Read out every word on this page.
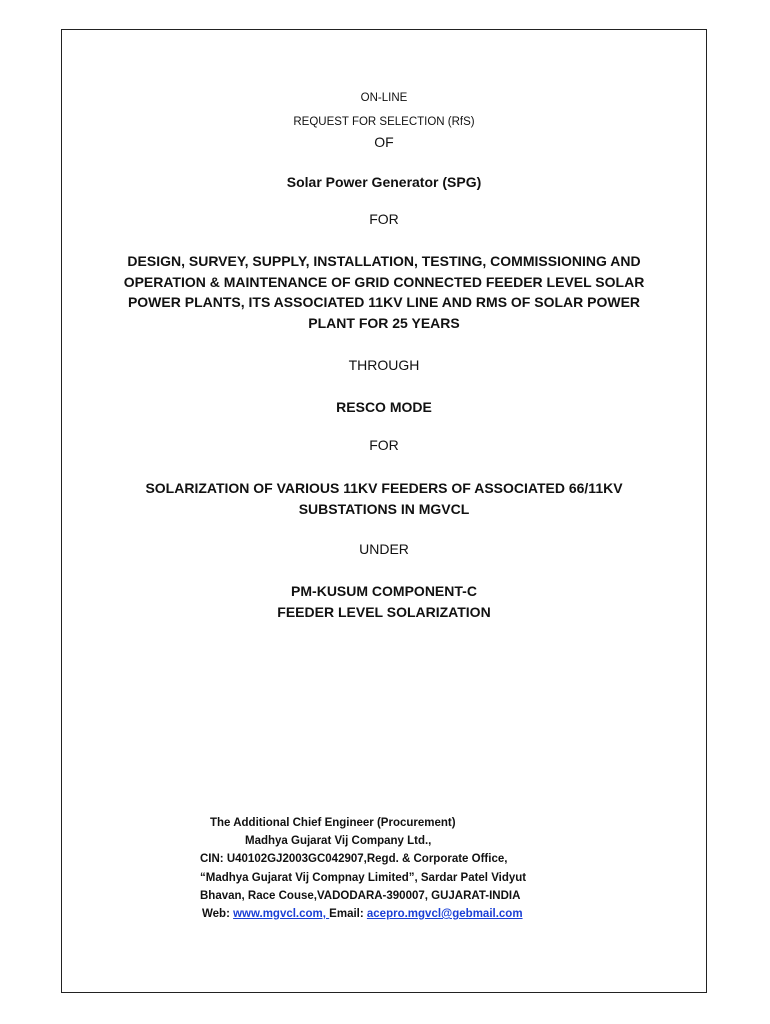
ON-LINE

REQUEST FOR SELECTION (RfS)

OF

Solar Power Generator (SPG)

FOR

DESIGN, SURVEY, SUPPLY, INSTALLATION, TESTING, COMMISSIONING AND
OPERATION & MAINTENANCE OF GRID CONNECTED FEEDER LEVEL SOLAR
POWER PLANTS, ITS ASSOCIATED 11KV LINE AND RMS OF SOLAR POWER
PLANT FOR 25 YEARS

THROUGH

RESCO MODE

FOR

SOLARIZATION OF VARIOUS 11KV FEEDERS OF ASSOCIATED 66/11KV
SUBSTATIONS IN MGVCL

UNDER

PM-KUSUM COMPONENT-C
FEEDER LEVEL SOLARIZATION
The Additional Chief Engineer (Procurement)
Madhya Gujarat Vij Company Ltd.,
CIN: U40102GJ2003GC042907,Regd. & Corporate Office,
“Madhya Gujarat Vij Compnay Limited”, Sardar Patel Vidyut
Bhavan, Race Couse,VADODARA-390007, GUJARAT-INDIA
Web: www.mgvcl.com, Email: acepro.mgvcl@gebmail.com
